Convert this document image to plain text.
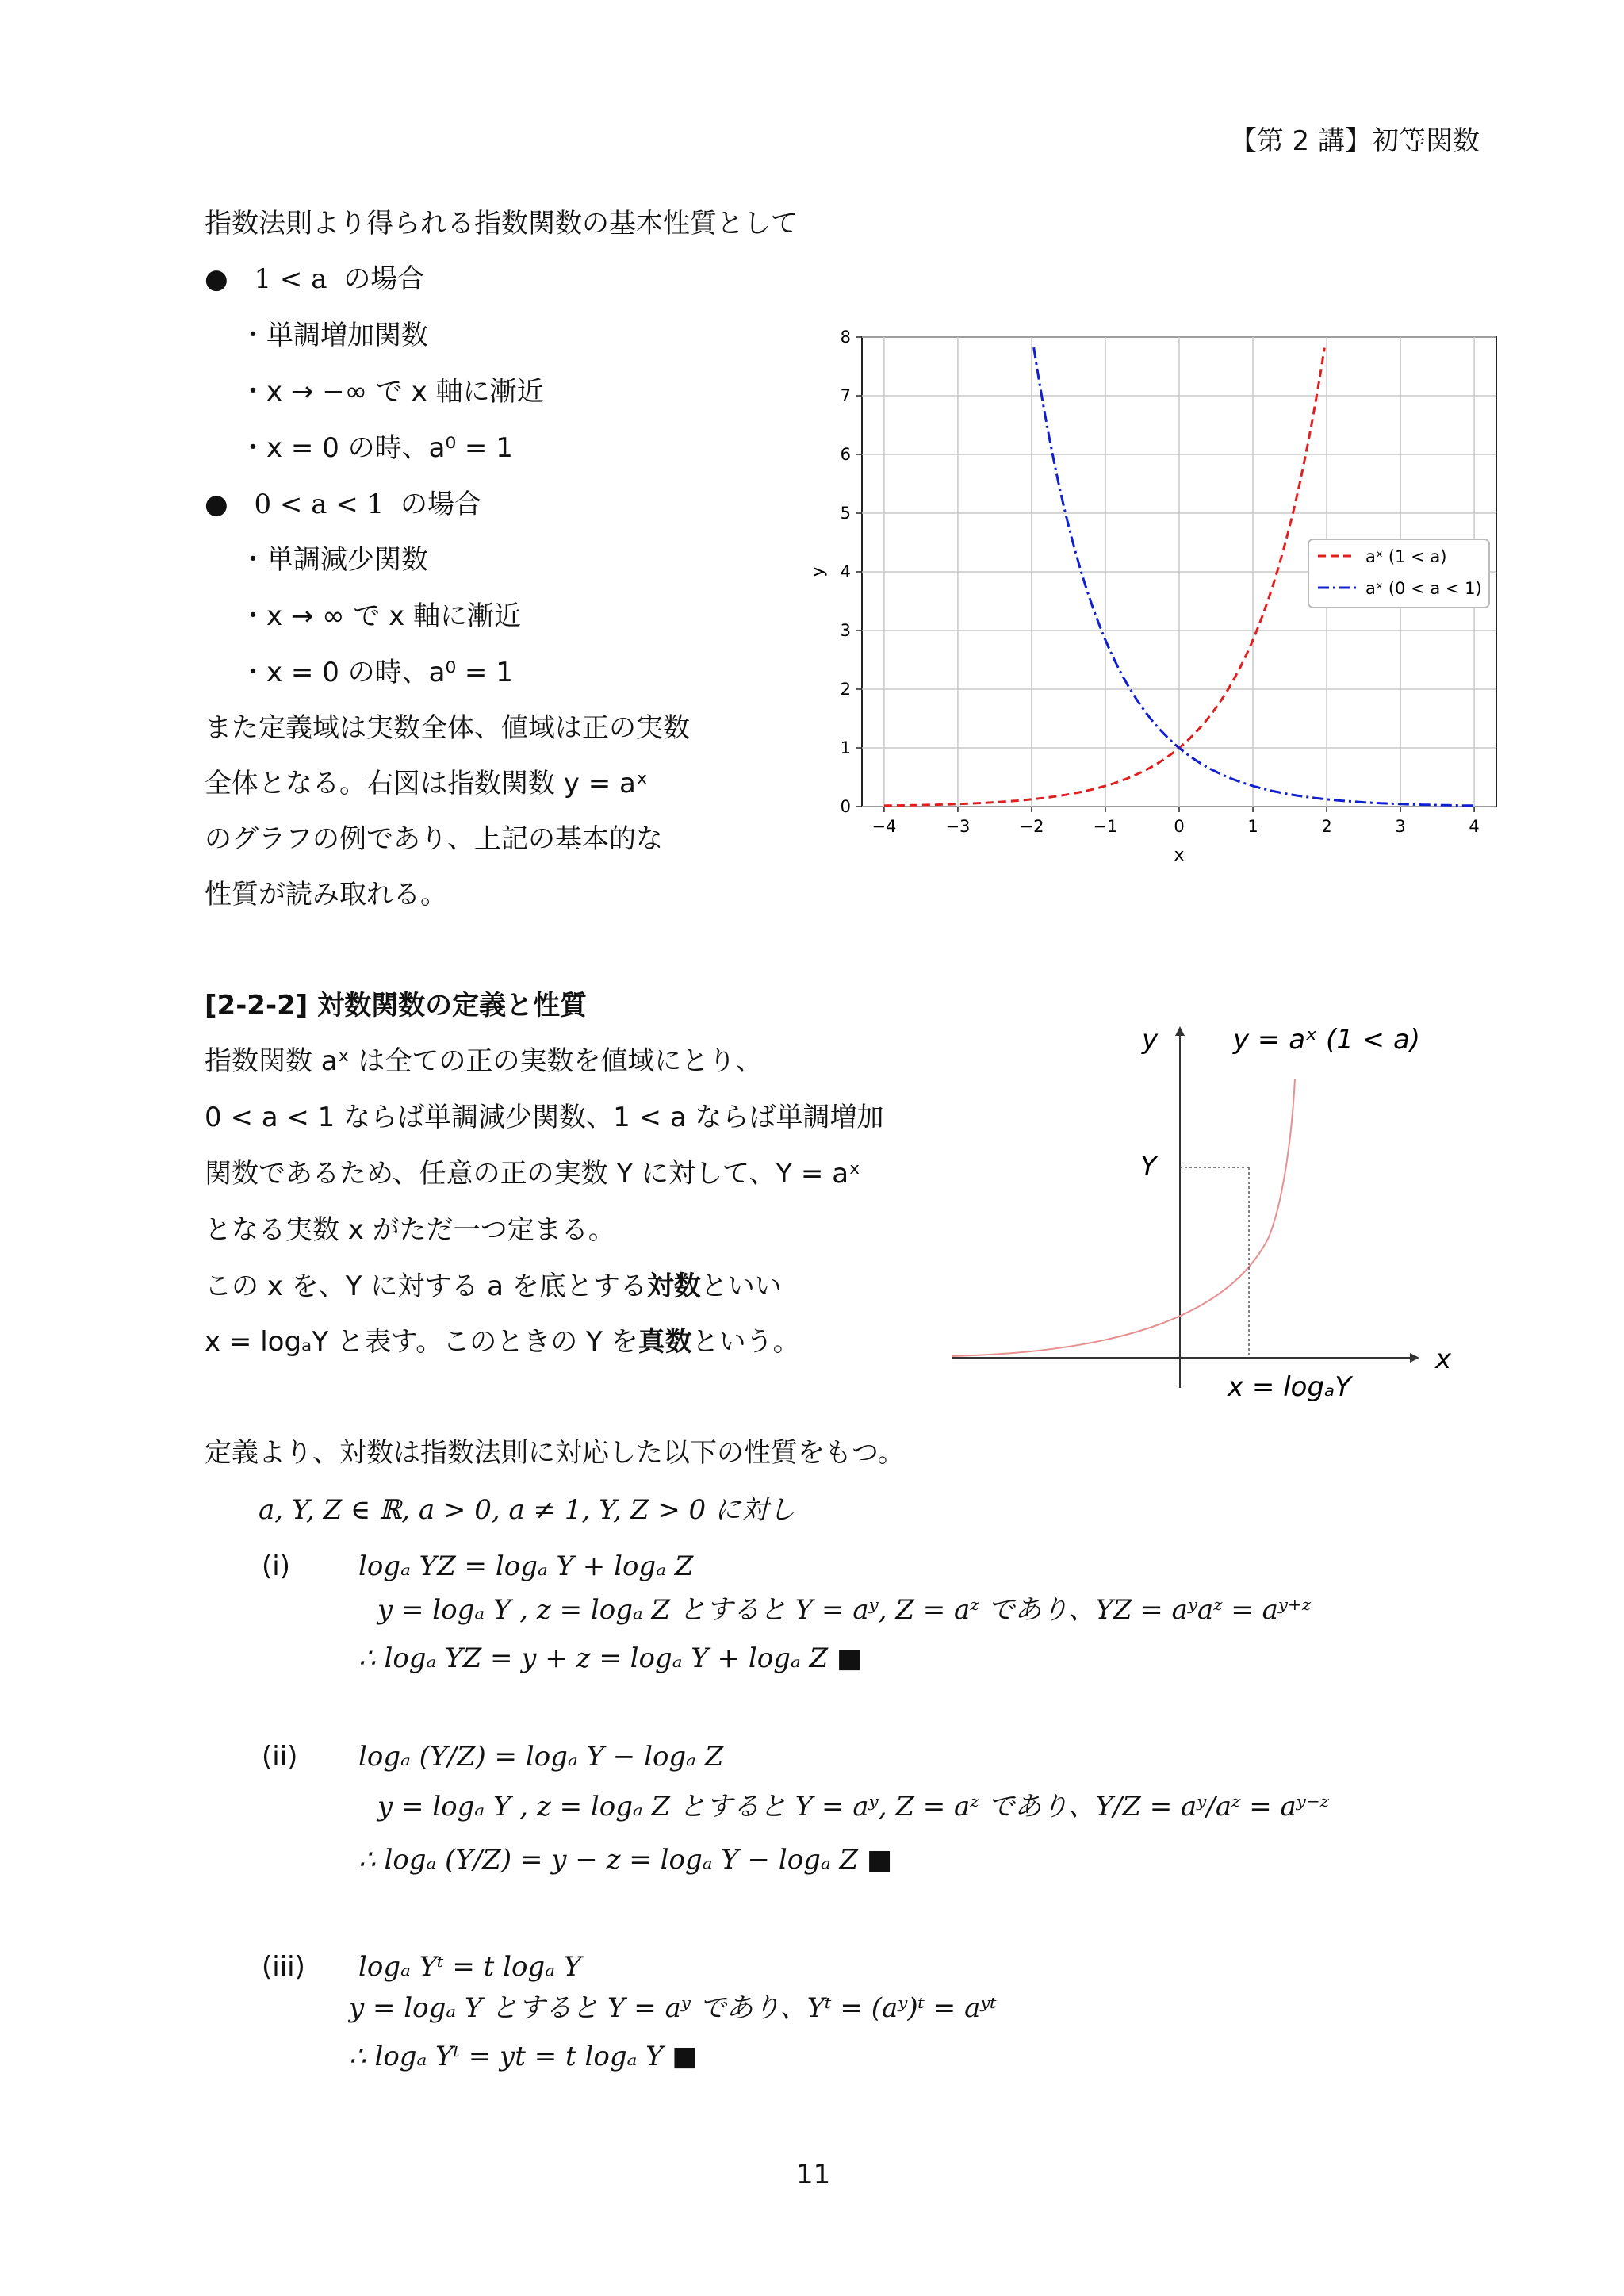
【第 2 講】初等関数
指数法則より得られる指数関数の基本性質として
● 1 < a の場合
・単調増加関数
・x → −∞ で x 軸に漸近
・x = 0 の時、a⁰ = 1
● 0 < a < 1 の場合
・単調減少関数
・x → ∞ で x 軸に漸近
・x = 0 の時、a⁰ = 1
また定義域は実数全体、値域は正の実数
全体となる。右図は指数関数 y = aˣ
のグラフの例であり、上記の基本的な
性質が読み取れる。
−4	−3	−2	−1	0	1	2	3	4
0
1
2
3
4
5
6
7
8
x
y
aˣ (1 < a)
aˣ (0 < a < 1)
[2-2-2] 対数関数の定義と性質
指数関数 aˣ は全ての正の実数を値域にとり、
0 < a < 1 ならば単調減少関数、1 < a ならば単調増加
関数であるため、任意の正の実数 Y に対して、Y = aˣ
となる実数 x がただ一つ定まる。
この x を、Y に対する a を底とする対数といい
x = logₐY と表す。このときの Y を真数という。
y	y = aˣ (1 < a)
Y
x
x = logₐY
定義より、対数は指数法則に対応した以下の性質をもつ。
a, Y, Z ∈ ℝ, a > 0, a ≠ 1, Y, Z > 0 に対し
(i)	logₐ YZ = logₐ Y + logₐ Z
y = logₐ Y , z = logₐ Z とすると Y = aʸ, Z = aᶻ であり、YZ = aʸaᶻ = aʸ⁺ᶻ
∴ logₐ YZ = y + z = logₐ Y + logₐ Z ■
(ii) logₐ (Y/Z) = logₐ Y − logₐ Z
y = logₐ Y , z = logₐ Z とすると Y = aʸ, Z = aᶻ であり、Y/Z = aʸ/aᶻ = aʸ⁻ᶻ
∴ logₐ (Y/Z) = y − z = logₐ Y − logₐ Z ■
(iii) logₐ Yᵗ = t logₐ Y
y = logₐ Y とすると Y = aʸ であり、Yᵗ = (aʸ)ᵗ = aʸᵗ
∴ logₐ Yᵗ = yt = t logₐ Y ■
11
